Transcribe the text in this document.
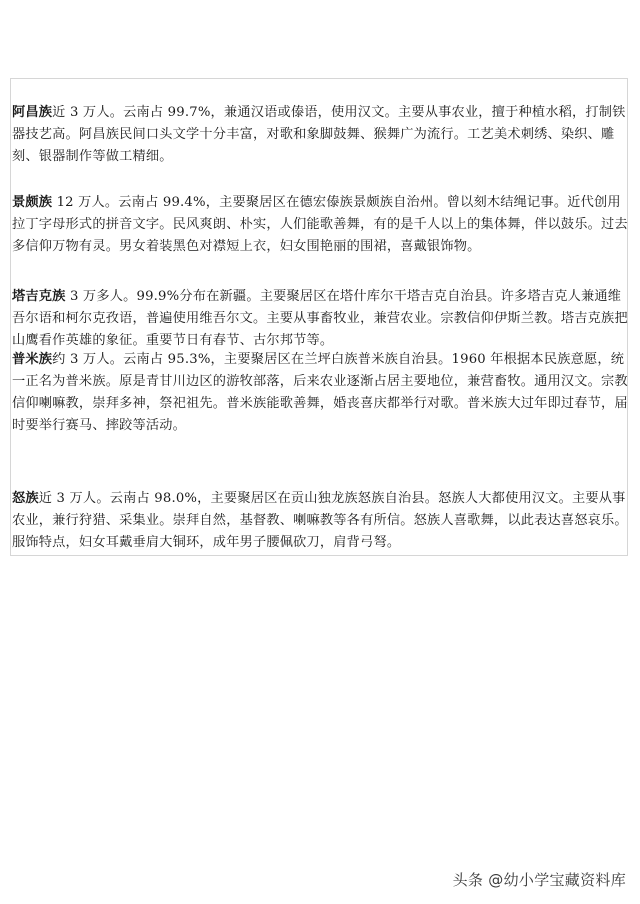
阿昌族近 3 万人。云南占 99.7%，兼通汉语或傣语，使用汉文。主要从事农业，擅于种植水稻，打制铁器技艺高。阿昌族民间口头文学十分丰富，对歌和象脚鼓舞、猴舞广为流行。工艺美术刺绣、染织、雕刻、银器制作等做工精细。

景颇族 12 万人。云南占 99.4%，主要聚居区在德宏傣族景颇族自治州。曾以刻木结绳记事。近代创用拉丁字母形式的拼音文字。民风爽朗、朴实，人们能歌善舞，有的是千人以上的集体舞，伴以鼓乐。过去多信仰万物有灵。男女着装黑色对襟短上衣，妇女围艳丽的围裙，喜戴银饰物。

塔吉克族 3 万多人。99.9%分布在新疆。主要聚居区在塔什库尔干塔吉克自治县。许多塔吉克人兼通维吾尔语和柯尔克孜语，普遍使用维吾尔文。主要从事畜牧业，兼营农业。宗教信仰伊斯兰教。塔吉克族把山鹰看作英雄的象征。重要节日有春节、古尔邦节等。

普米族约 3 万人。云南占 95.3%，主要聚居区在兰坪白族普米族自治县。1960 年根据本民族意愿，统一正名为普米族。原是青甘川边区的游牧部落，后来农业逐渐占居主要地位，兼营畜牧。通用汉文。宗教信仰喇嘛教，崇拜多神，祭祀祖先。普米族能歌善舞，婚丧喜庆都举行对歌。普米族大过年即过春节，届时要举行赛马、摔跤等活动。

怒族近 3 万人。云南占 98.0%，主要聚居区在贡山独龙族怒族自治县。怒族人大都使用汉文。主要从事农业，兼行狩猎、采集业。崇拜自然，基督教、喇嘛教等各有所信。怒族人喜歌舞，以此表达喜怒哀乐。服饰特点，妇女耳戴垂肩大铜环，成年男子腰佩砍刀，肩背弓弩。

头条 @幼小学宝藏资料库
